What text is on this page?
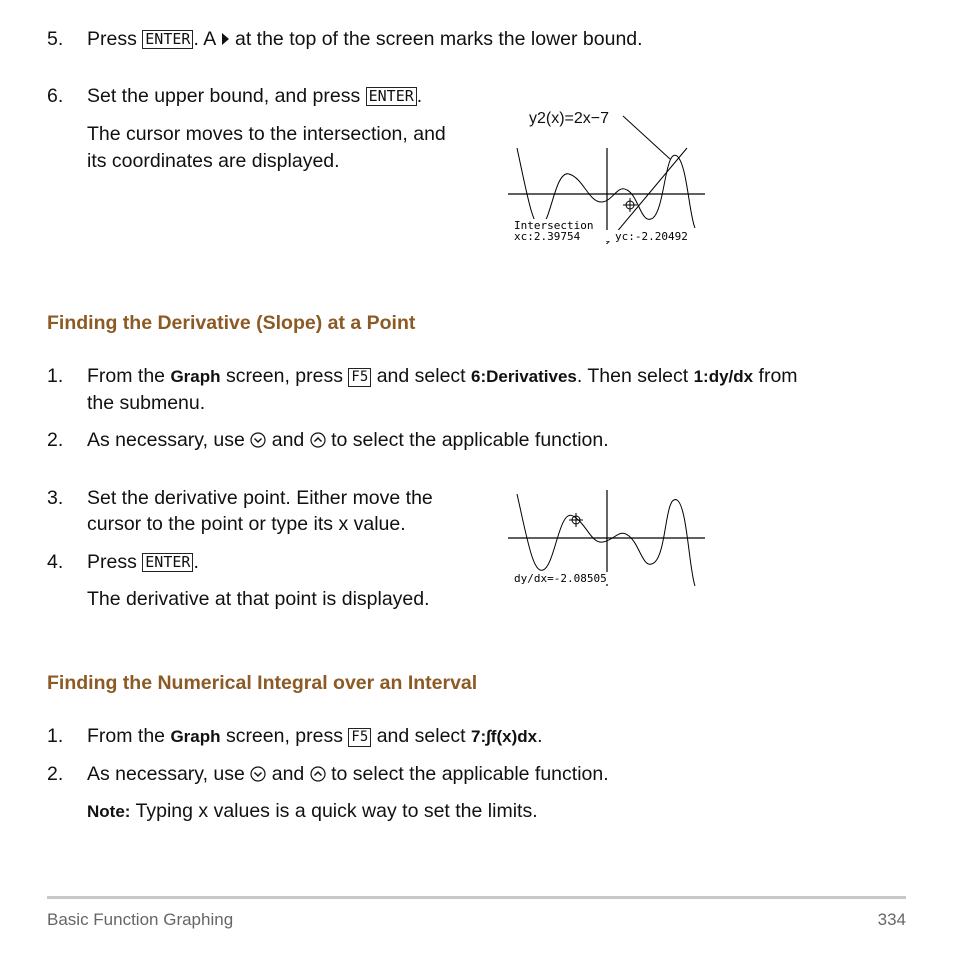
5. Press ENTER . A at the top of the screen marks the lower bound.
6. Set the upper bound, and press ENTER .
The cursor moves to the intersection, and
its coordinates are displayed.
y2(x)=2x−7
Intersection
xc:2.39754	yc:-2.20492
Finding the Derivative (Slope) at a Point
1. From the Graph screen, press F5 and select 6:Derivatives. Then select 1:dy/dx from
the submenu.
2. As necessary, use and to select the applicable function.
3. Set the derivative point. Either move the
cursor to the point or type its x value.
4. Press ENTER .
The derivative at that point is displayed.
dy/dx=-2.08505
Finding the Numerical Integral over an Interval
1. From the Graph screen, press F5 and select 7:∫f(x)dx.
2. As necessary, use and to select the applicable function.
Note: Typing x values is a quick way to set the limits.
Basic Function Graphing	334
